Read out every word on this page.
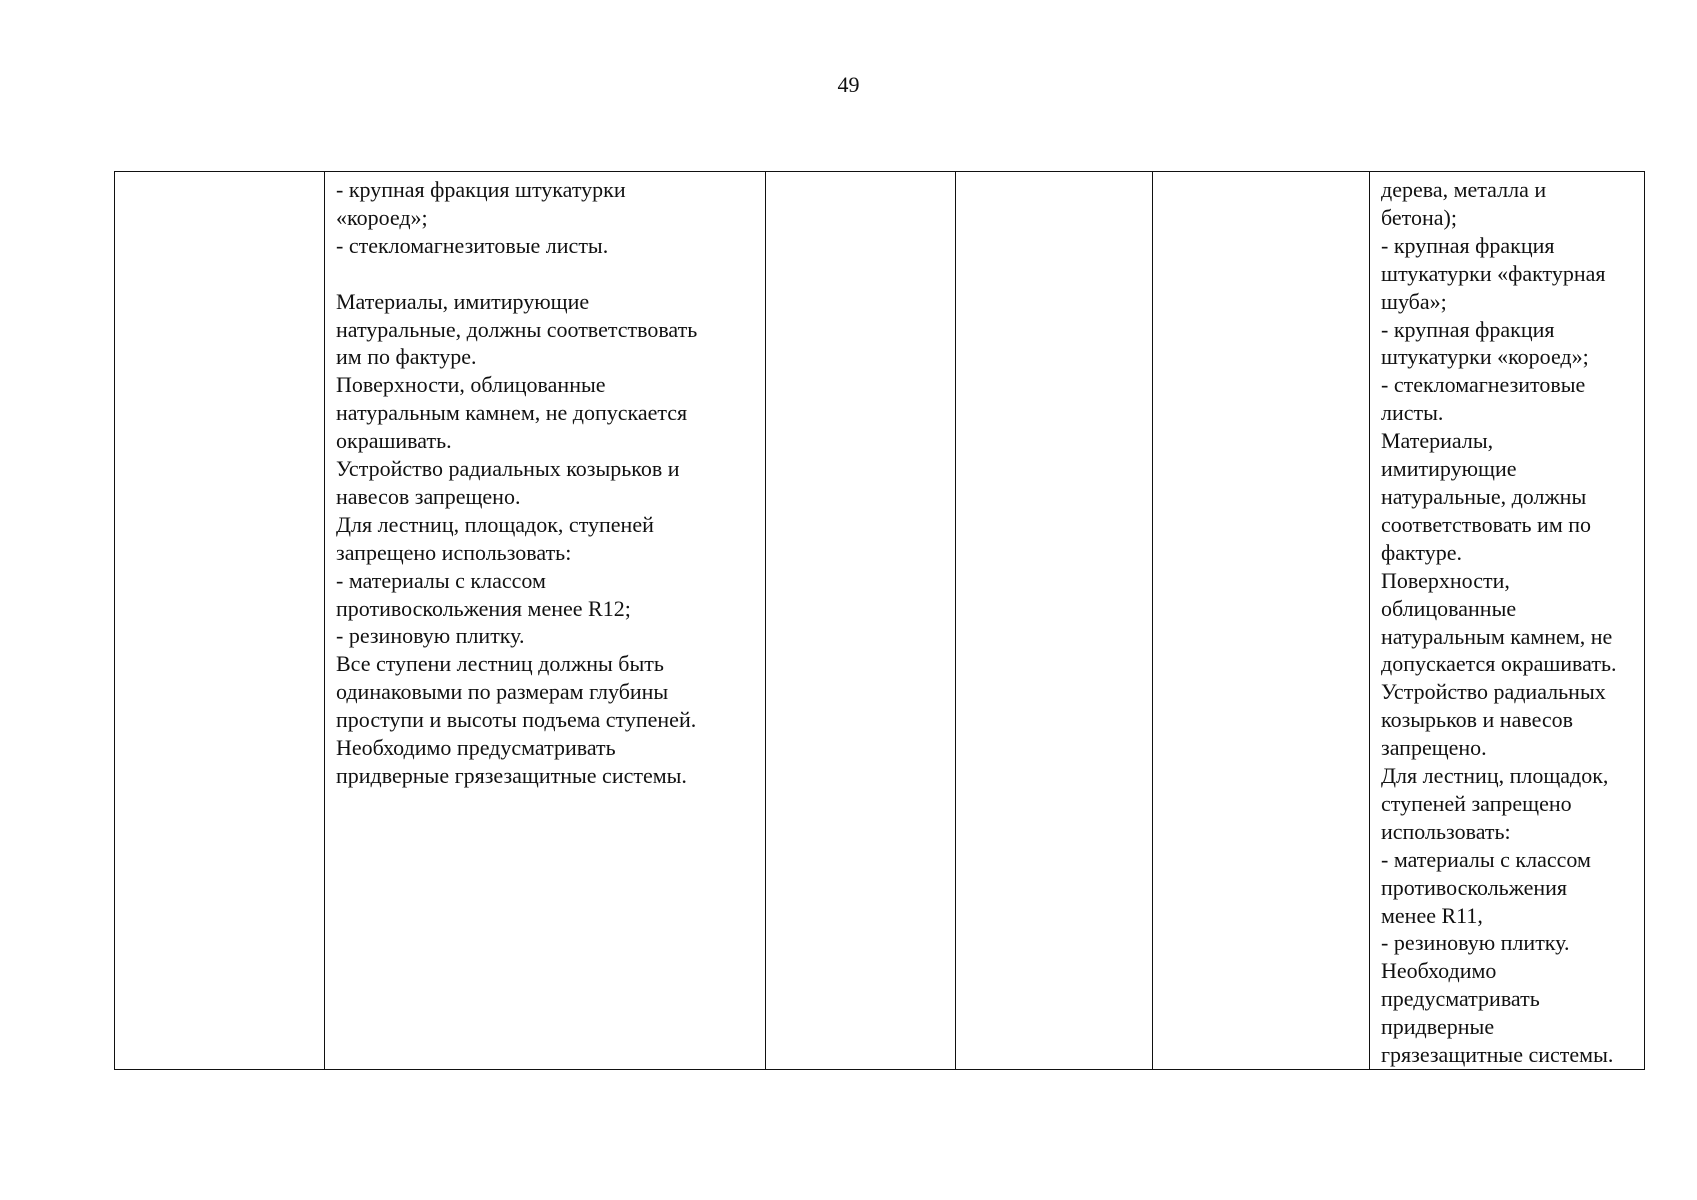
49

- крупная фракция штукатурки
«короед»;
- стекломагнезитовые листы.
Материалы, имитирующие
натуральные, должны соответствовать
им по фактуре.
Поверхности, облицованные
натуральным камнем, не допускается
окрашивать.
Устройство радиальных козырьков и
навесов запрещено.
Для лестниц, площадок, ступеней
запрещено использовать:
- материалы с классом
противоскольжения менее R12;
- резиновую плитку.
Все ступени лестниц должны быть
одинаковыми по размерам глубины
проступи и высоты подъема ступеней.
Необходимо предусматривать
придверные грязезащитные системы.

дерева, металла и
бетона);
- крупная фракция
штукатурки «фактурная
шуба»;
- крупная фракция
штукатурки «короед»;
- стекломагнезитовые
листы.
Материалы,
имитирующие
натуральные, должны
соответствовать им по
фактуре.
Поверхности,
облицованные
натуральным камнем, не
допускается окрашивать.
Устройство радиальных
козырьков и навесов
запрещено.
Для лестниц, площадок,
ступеней запрещено
использовать:
- материалы с классом
противоскольжения
менее R11,
- резиновую плитку.
Необходимо
предусматривать
придверные
грязезащитные системы.
